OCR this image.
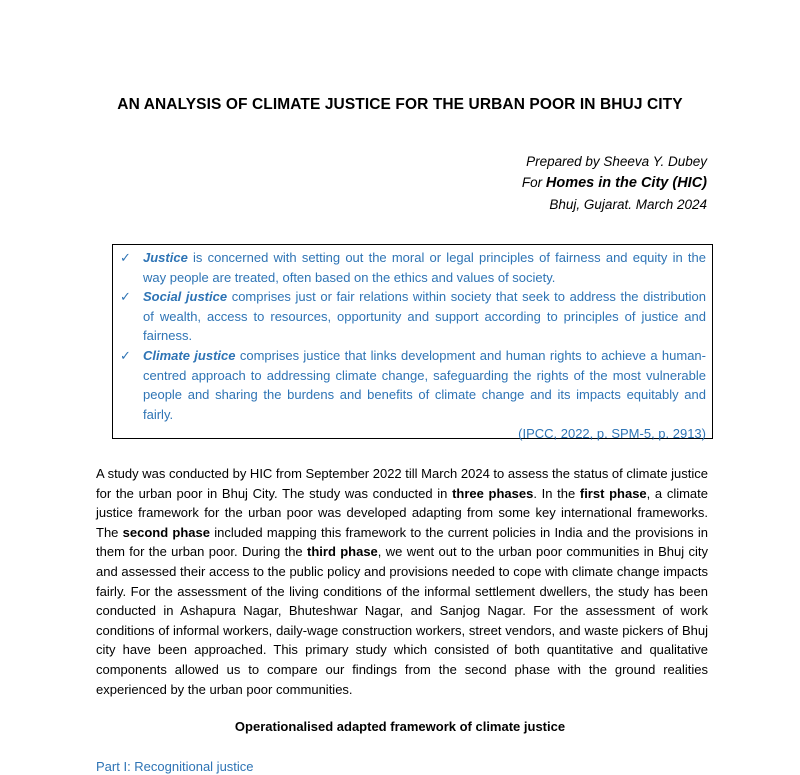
AN ANALYSIS OF CLIMATE JUSTICE FOR THE URBAN POOR IN BHUJ CITY
Prepared by Sheeva Y. Dubey
For Homes in the City (HIC)
Bhuj, Gujarat. March 2024
✓ Justice is concerned with setting out the moral or legal principles of fairness and equity in the way people are treated, often based on the ethics and values of society.
✓ Social justice comprises just or fair relations within society that seek to address the distribution of wealth, access to resources, opportunity and support according to principles of justice and fairness.
✓ Climate justice comprises justice that links development and human rights to achieve a human-centred approach to addressing climate change, safeguarding the rights of the most vulnerable people and sharing the burdens and benefits of climate change and its impacts equitably and fairly.
(IPCC, 2022, p. SPM-5, p. 2913)
A study was conducted by HIC from September 2022 till March 2024 to assess the status of climate justice for the urban poor in Bhuj City. The study was conducted in three phases. In the first phase, a climate justice framework for the urban poor was developed adapting from some key international frameworks. The second phase included mapping this framework to the current policies in India and the provisions in them for the urban poor. During the third phase, we went out to the urban poor communities in Bhuj city and assessed their access to the public policy and provisions needed to cope with climate change impacts fairly. For the assessment of the living conditions of the informal settlement dwellers, the study has been conducted in Ashapura Nagar, Bhuteshwar Nagar, and Sanjog Nagar. For the assessment of work conditions of informal workers, daily-wage construction workers, street vendors, and waste pickers of Bhuj city have been approached. This primary study which consisted of both quantitative and qualitative components allowed us to compare our findings from the second phase with the ground realities experienced by the urban poor communities.
Operationalised adapted framework of climate justice
Part I: Recognitional justice
